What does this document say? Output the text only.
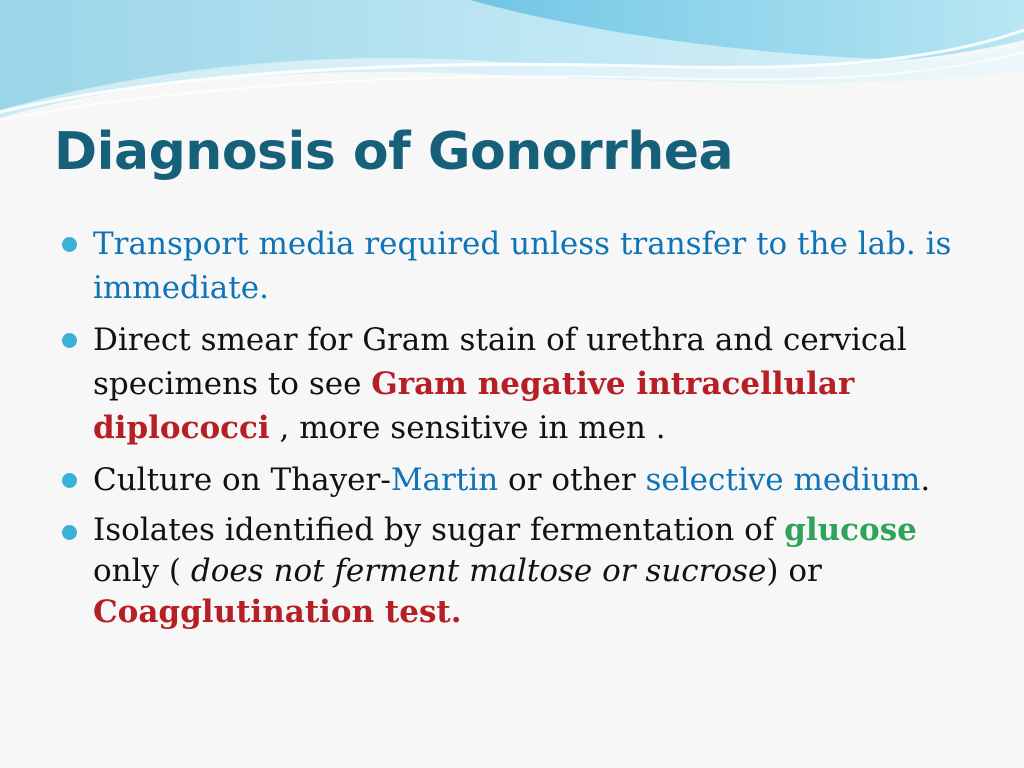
Diagnosis of Gonorrhea
Transport media required unless transfer to the lab. is immediate.
Direct smear for Gram stain of urethra and cervical specimens to see Gram negative intracellular diplococci , more sensitive in men .
Culture on Thayer-Martin or other selective medium.
Isolates identified by sugar fermentation of glucose only ( does not ferment maltose or sucrose) or Coagglutination test.
